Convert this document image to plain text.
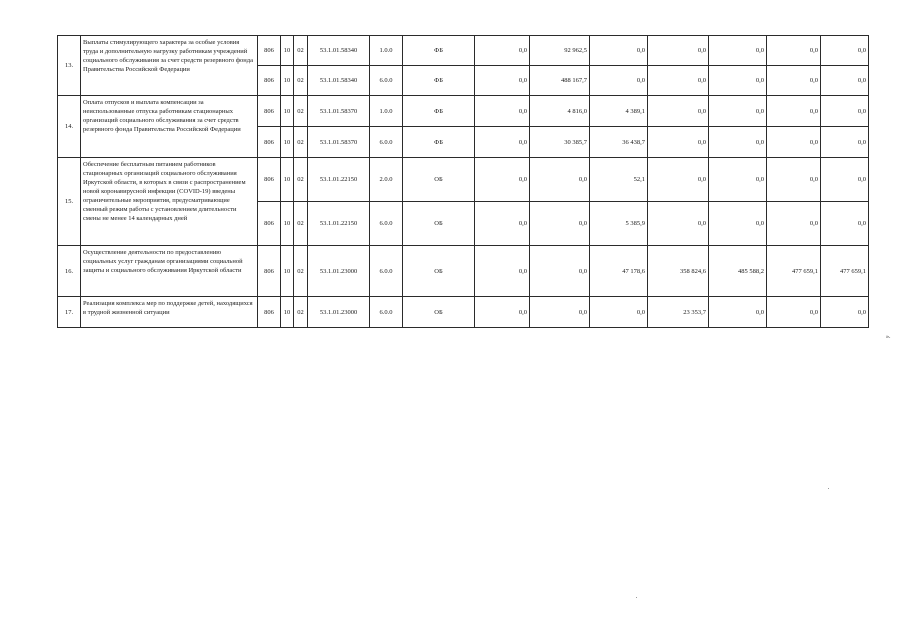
13.	Выплаты стимулирующего характера за особые условия труда и дополнительную нагрузку работникам учреждений социального обслуживания за счет средств резервного фонда Правительства Российской Федерации	806	10	02	53.1.01.58340	1.0.0	ФБ	0,0	92 962,5	0,0	0,0	0,0	0,0	0,0
		806	10	02	53.1.01.58340	6.0.0	ФБ	0,0	488 167,7	0,0	0,0	0,0	0,0	0,0
14.	Оплата отпусков и выплата компенсации за неиспользованные отпуска работникам стационарных организаций социального обслуживания за счет средств резервного фонда Правительства Российской Федерации	806	10	02	53.1.01.58370	1.0.0	ФБ	0,0	4 816,0	4 389,1	0,0	0,0	0,0	0,0
		806	10	02	53.1.01.58370	6.0.0	ФБ	0,0	30 385,7	36 438,7	0,0	0,0	0,0	0,0
15.	Обеспечение бесплатным питанием работников стационарных организаций социального обслуживания Иркутской области, в которых в связи с распространением новой коронавирусной инфекции (COVID-19) введены ограничительные мероприятия, предусматривающие сменный режим работы с установлением длительности смены не менее 14 календарных дней	806	10	02	53.1.01.22150	2.0.0	ОБ	0,0	0,0	52,1	0,0	0,0	0,0	0,0
		806	10	02	53.1.01.22150	6.0.0	ОБ	0,0	0,0	5 385,9	0,0	0,0	0,0	0,0
16.	Осуществление деятельности по предоставлению социальных услуг гражданам организациями социальной защиты и социального обслуживания Иркутской области	806	10	02	53.1.01.23000	6.0.0	ОБ	0,0	0,0	47 178,6	358 824,6	485 588,2	477 659,1	477 659,1
17.	Реализация комплекса мер по поддержке детей, находящихся в трудной жизненной ситуации	806	10	02	53.1.01.23000	6.0.0	ОБ	0,0	0,0	0,0	23 353,7	0,0	0,0	0,0
».
